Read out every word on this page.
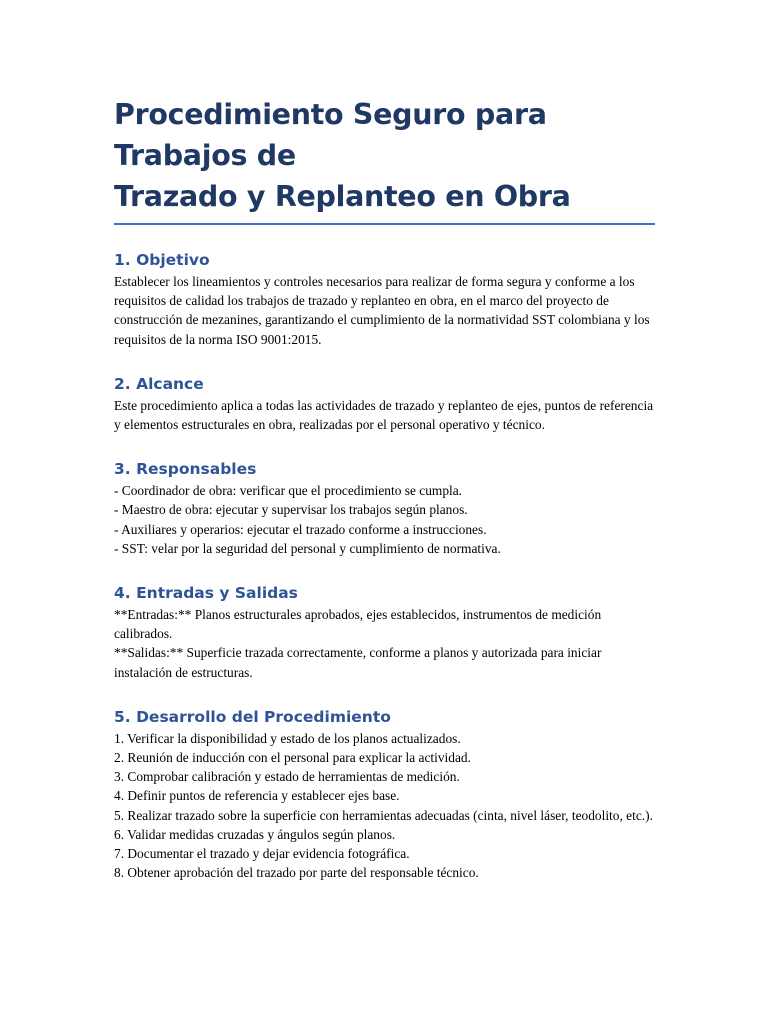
Procedimiento Seguro para Trabajos de
Trazado y Replanteo en Obra
1. Objetivo

Establecer los lineamientos y controles necesarios para realizar de forma segura y conforme a los requisitos de calidad los trabajos de trazado y replanteo en obra, en el marco del proyecto de construcción de mezanines, garantizando el cumplimiento de la normatividad SST colombiana y los requisitos de la norma ISO 9001:2015.

2. Alcance

Este procedimiento aplica a todas las actividades de trazado y replanteo de ejes, puntos de referencia y elementos estructurales en obra, realizadas por el personal operativo y técnico.

3. Responsables

- Coordinador de obra: verificar que el procedimiento se cumpla.

- Maestro de obra: ejecutar y supervisar los trabajos según planos.

- Auxiliares y operarios: ejecutar el trazado conforme a instrucciones.

- SST: velar por la seguridad del personal y cumplimiento de normativa.

4. Entradas y Salidas

**Entradas:** Planos estructurales aprobados, ejes establecidos, instrumentos de medición calibrados.

**Salidas:** Superficie trazada correctamente, conforme a planos y autorizada para iniciar instalación de estructuras.

5. Desarrollo del Procedimiento

1. Verificar la disponibilidad y estado de los planos actualizados.

2. Reunión de inducción con el personal para explicar la actividad.

3. Comprobar calibración y estado de herramientas de medición.

4. Definir puntos de referencia y establecer ejes base.

5. Realizar trazado sobre la superficie con herramientas adecuadas (cinta, nivel láser, teodolito, etc.).

6. Validar medidas cruzadas y ángulos según planos.

7. Documentar el trazado y dejar evidencia fotográfica.

8. Obtener aprobación del trazado por parte del responsable técnico.
